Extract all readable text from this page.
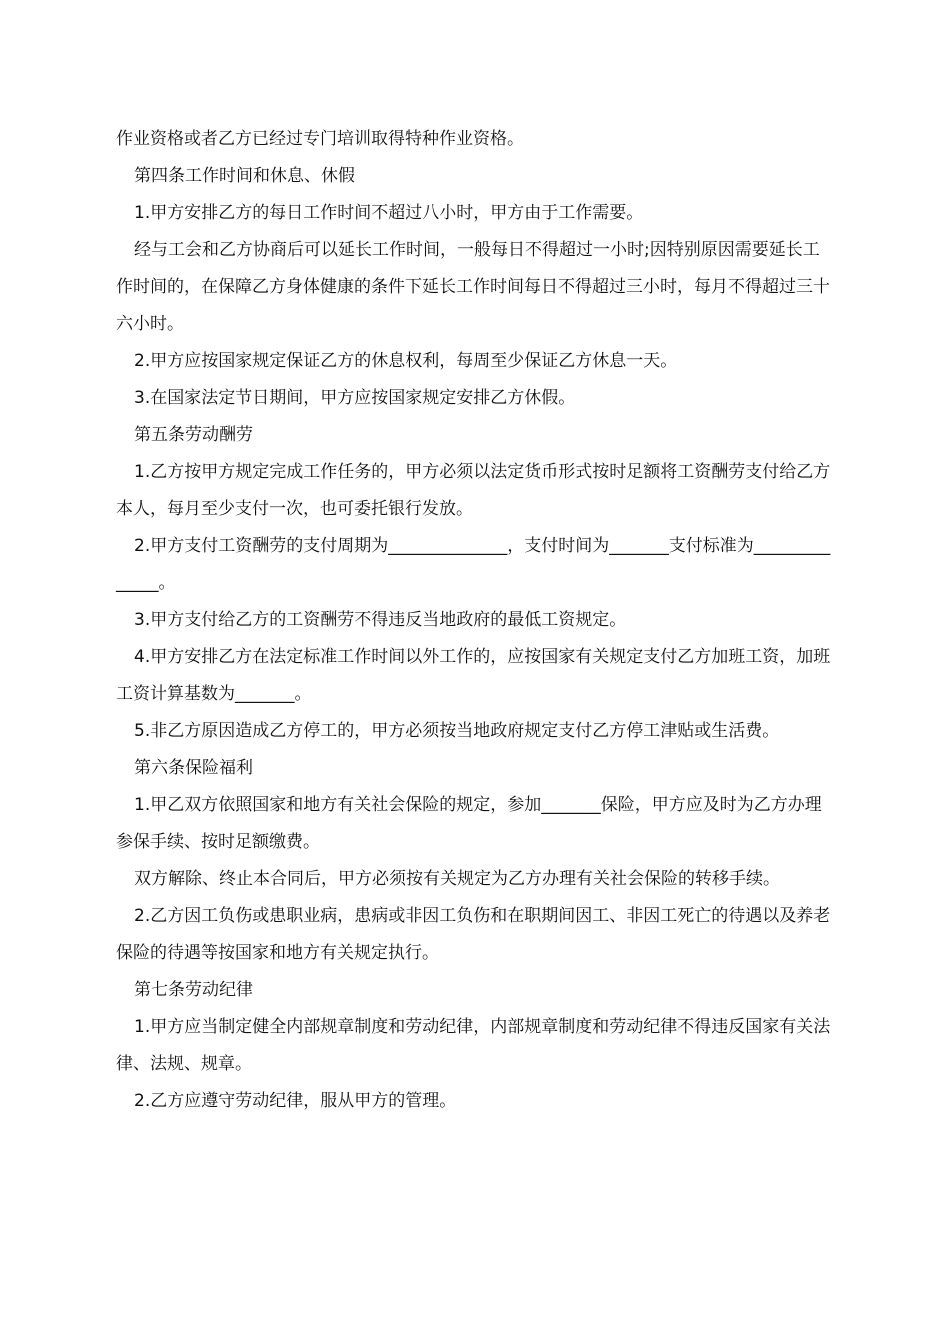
作业资格或者乙方已经过专门培训取得特种作业资格。

第四条工作时间和休息、休假

1.甲方安排乙方的每日工作时间不超过八小时，甲方由于工作需要。

经与工会和乙方协商后可以延长工作时间，一般每日不得超过一小时;因特别原因需要延长工作时间的，在保障乙方身体健康的条件下延长工作时间每日不得超过三小时，每月不得超过三十六小时。

2.甲方应按国家规定保证乙方的休息权利，每周至少保证乙方休息一天。

3.在国家法定节日期间，甲方应按国家规定安排乙方休假。

第五条劳动酬劳

1.乙方按甲方规定完成工作任务的，甲方必须以法定货币形式按时足额将工资酬劳支付给乙方本人，每月至少支付一次，也可委托银行发放。

2.甲方支付工资酬劳的支付周期为______________，支付时间为_______支付标准为______________。

3.甲方支付给乙方的工资酬劳不得违反当地政府的最低工资规定。

4.甲方安排乙方在法定标准工作时间以外工作的，应按国家有关规定支付乙方加班工资，加班工资计算基数为_______。

5.非乙方原因造成乙方停工的，甲方必须按当地政府规定支付乙方停工津贴或生活费。

第六条保险福利

1.甲乙双方依照国家和地方有关社会保险的规定，参加_______保险，甲方应及时为乙方办理参保手续、按时足额缴费。

双方解除、终止本合同后，甲方必须按有关规定为乙方办理有关社会保险的转移手续。

2.乙方因工负伤或患职业病，患病或非因工负伤和在职期间因工、非因工死亡的待遇以及养老保险的待遇等按国家和地方有关规定执行。

第七条劳动纪律

1.甲方应当制定健全内部规章制度和劳动纪律，内部规章制度和劳动纪律不得违反国家有关法律、法规、规章。

2.乙方应遵守劳动纪律，服从甲方的管理。
